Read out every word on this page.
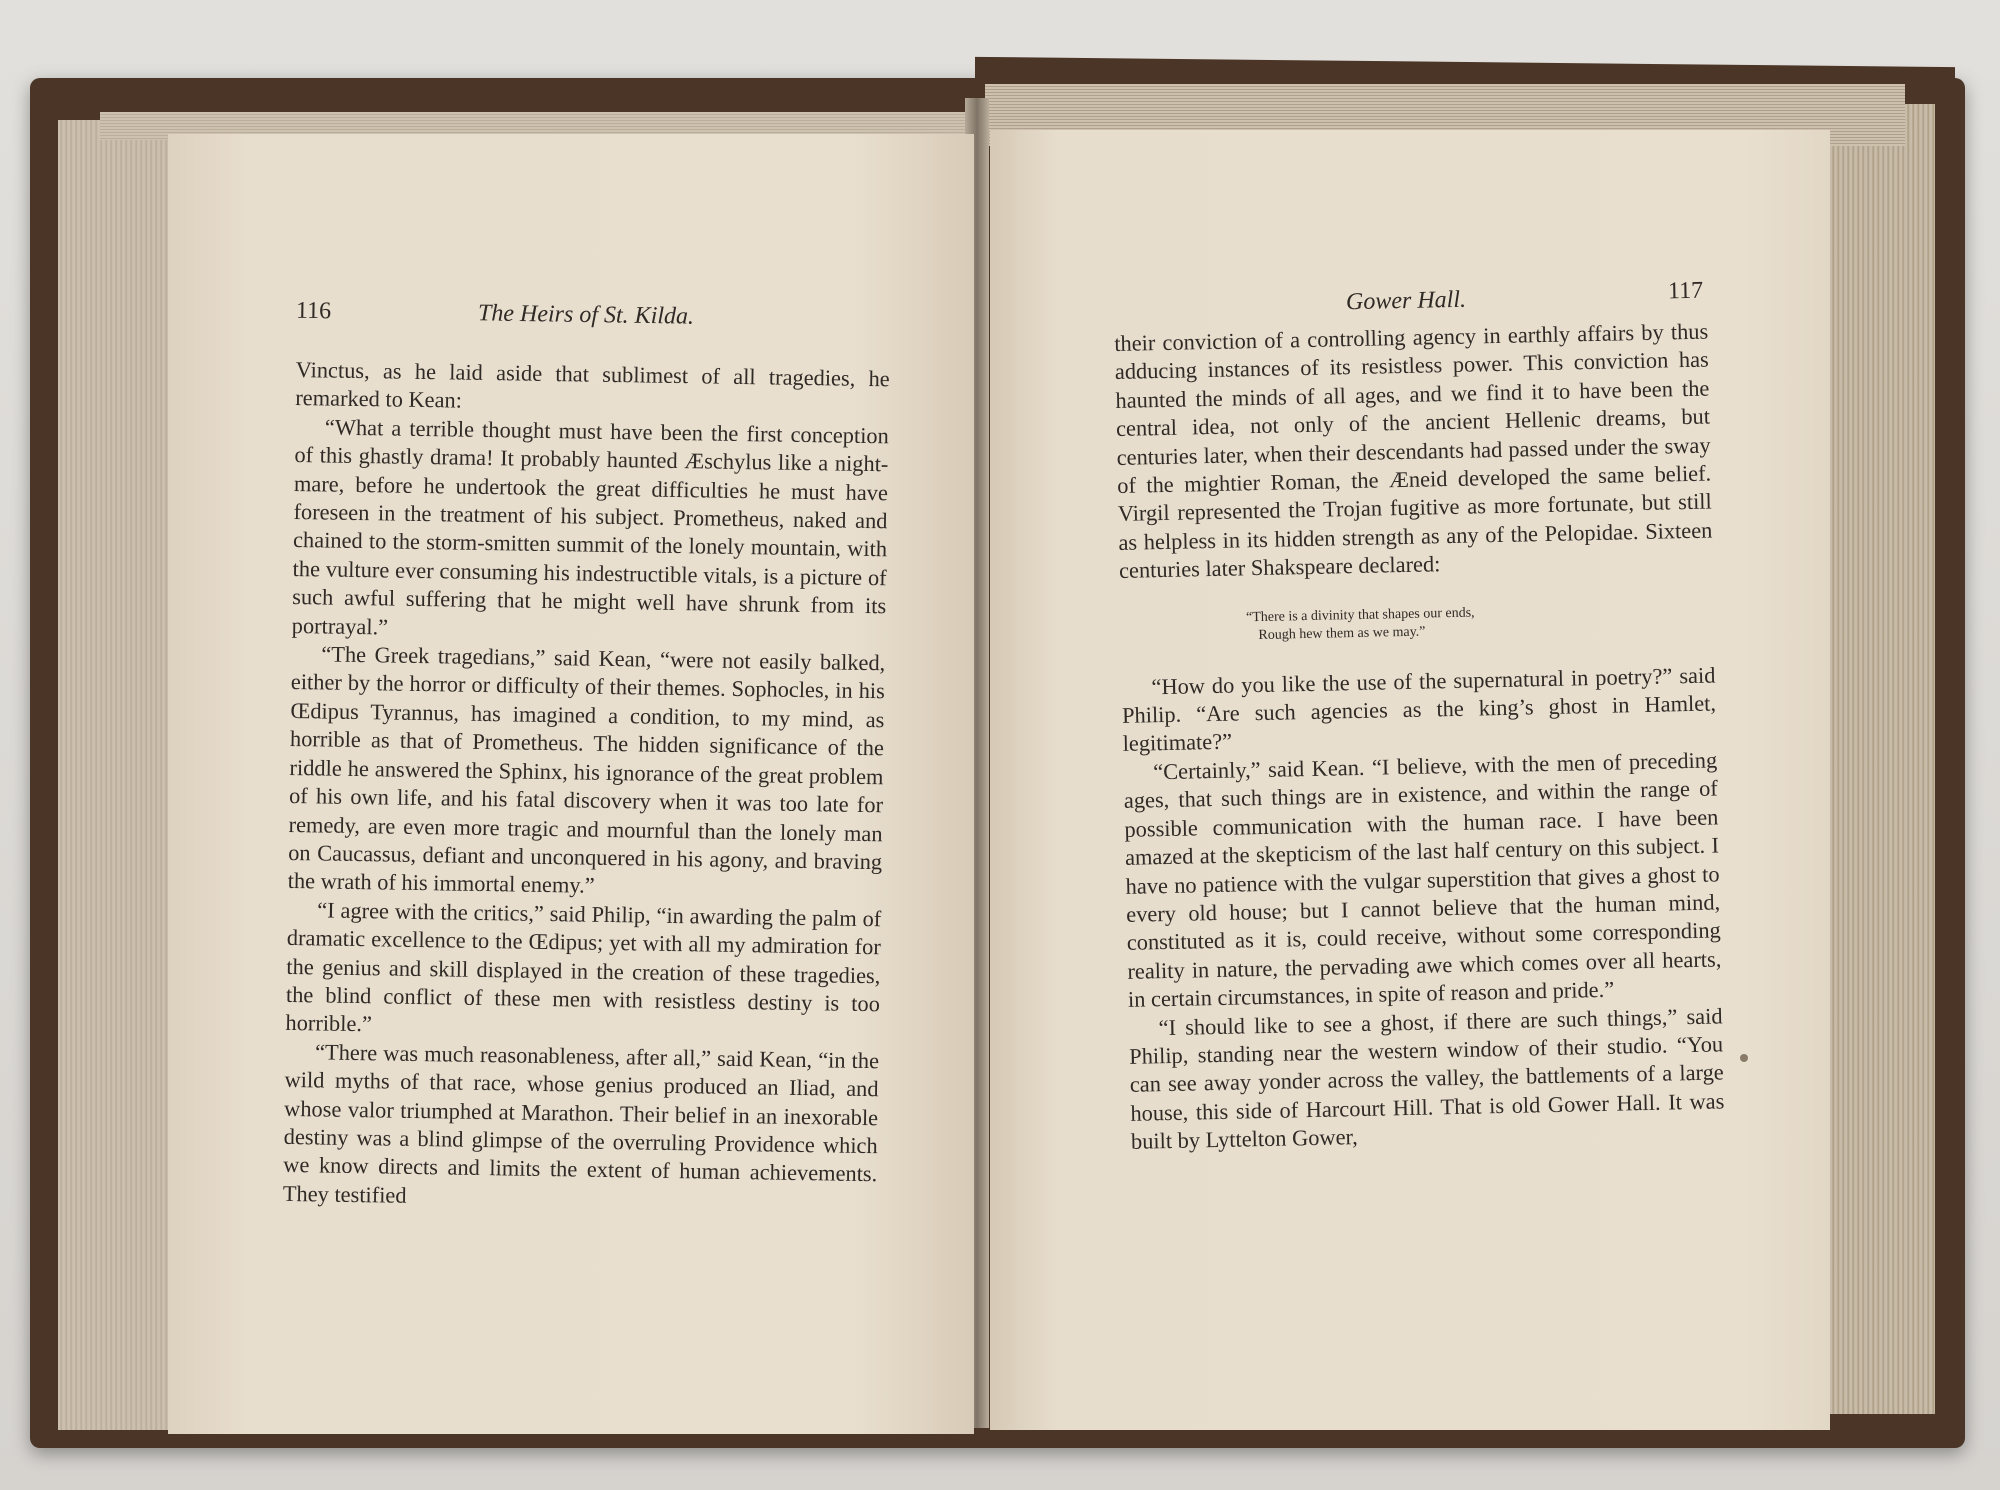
116	The Heirs of St. Kilda.

Vinctus, as he laid aside that sublimest of all tragedies, he remarked to Kean:

“What a terrible thought must have been the first conception of this ghastly drama! It probably haunted Æschylus like a night-mare, before he undertook the great difficulties he must have foreseen in the treatment of his subject. Prometheus, naked and chained to the storm-smitten summit of the lonely mountain, with the vulture ever consuming his indestructible vitals, is a picture of such awful suffering that he might well have shrunk from its portrayal.”

“The Greek tragedians,” said Kean, “were not easily balked, either by the horror or difficulty of their themes. Sophocles, in his Œdipus Tyrannus, has imagined a condition, to my mind, as horrible as that of Prometheus. The hidden significance of the riddle he answered the Sphinx, his ignorance of the great problem of his own life, and his fatal discovery when it was too late for remedy, are even more tragic and mournful than the lonely man on Caucassus, defiant and unconquered in his agony, and braving the wrath of his immortal enemy.”

“I agree with the critics,” said Philip, “in awarding the palm of dramatic excellence to the Œdipus; yet with all my admiration for the genius and skill displayed in the creation of these tragedies, the blind conflict of these men with resistless destiny is too horrible.”

“There was much reasonableness, after all,” said Kean, “in the wild myths of that race, whose genius produced an Iliad, and whose valor triumphed at Marathon. Their belief in an inexorable destiny was a blind glimpse of the overruling Providence which we know directs and limits the extent of human achievements. They testified

Gower Hall.	117

their conviction of a controlling agency in earthly affairs by thus adducing instances of its resistless power. This conviction has haunted the minds of all ages, and we find it to have been the central idea, not only of the ancient Hellenic dreams, but centuries later, when their descendants had passed under the sway of the mightier Roman, the Æneid developed the same belief. Virgil represented the Trojan fugitive as more fortunate, but still as helpless in its hidden strength as any of the Pelopidae. Sixteen centuries later Shakspeare declared:

“There is a divinity that shapes our ends,
Rough hew them as we may.”

“How do you like the use of the supernatural in poetry?” said Philip. “Are such agencies as the king’s ghost in Hamlet, legitimate?”

“Certainly,” said Kean. “I believe, with the men of preceding ages, that such things are in existence, and within the range of possible communication with the human race. I have been amazed at the skepticism of the last half century on this subject. I have no patience with the vulgar superstition that gives a ghost to every old house; but I cannot believe that the human mind, constituted as it is, could receive, without some corresponding reality in nature, the pervading awe which comes over all hearts, in certain circumstances, in spite of reason and pride.”

“I should like to see a ghost, if there are such things,” said Philip, standing near the western window of their studio. “You can see away yonder across the valley, the battlements of a large house, this side of Harcourt Hill. That is old Gower Hall. It was built by Lyttelton Gower,
